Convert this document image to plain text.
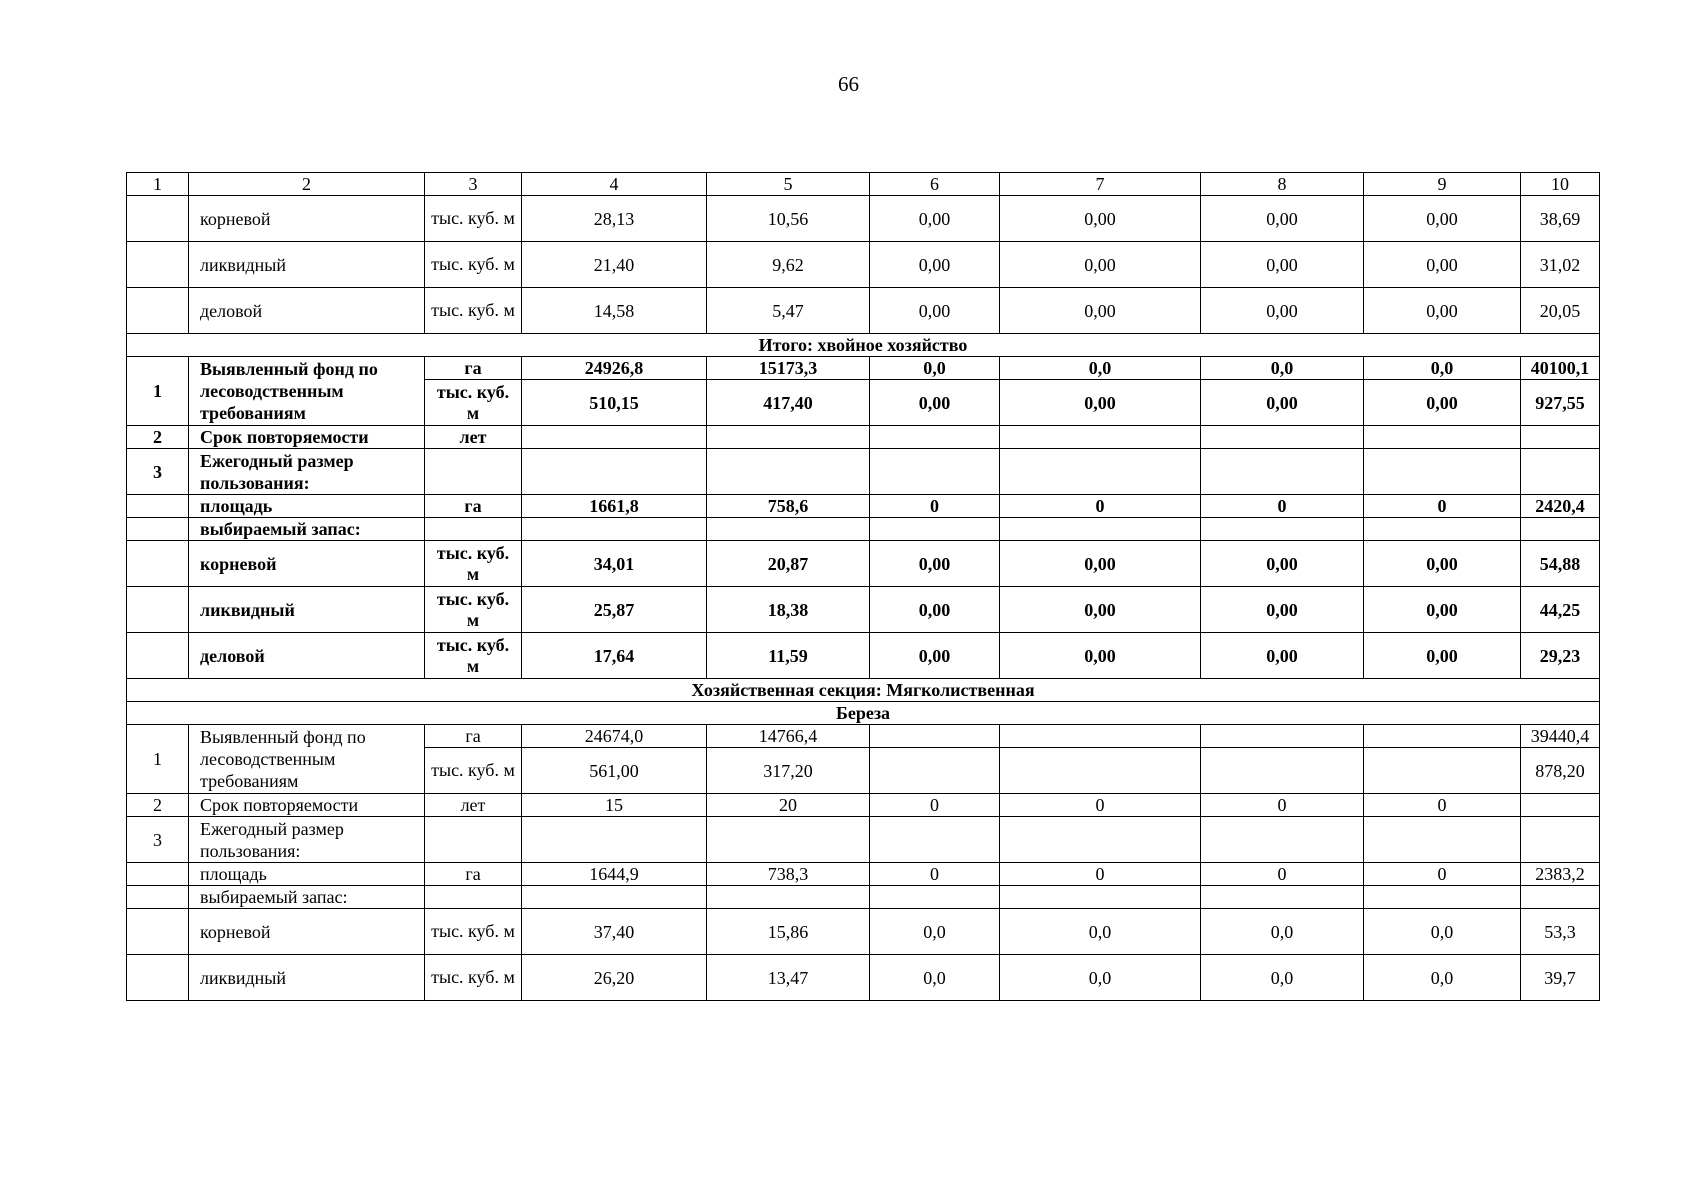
66
1	2	3	4	5	6	7	8	9	10
	корневой	тыс. куб. м	28,13	10,56	0,00	0,00	0,00	0,00	38,69
	ликвидный	тыс. куб. м	21,40	9,62	0,00	0,00	0,00	0,00	31,02
	деловой	тыс. куб. м	14,58	5,47	0,00	0,00	0,00	0,00	20,05
Итого: хвойное хозяйство									
1	Выявленный фонд по лесоводственным требованиям	га	24926,8	15173,3	0,0	0,0	0,0	0,0	40100,1
		тыс. куб. м	510,15	417,40	0,00	0,00	0,00	0,00	927,55
2	Срок повторяемости	лет							
3	Ежегодный размер пользования:								
	площадь	га	1661,8	758,6	0	0	0	0	2420,4
	выбираемый запас:								
	корневой	тыс. куб. м	34,01	20,87	0,00	0,00	0,00	0,00	54,88
	ликвидный	тыс. куб. м	25,87	18,38	0,00	0,00	0,00	0,00	44,25
	деловой	тыс. куб. м	17,64	11,59	0,00	0,00	0,00	0,00	29,23
Хозяйственная секция: Мягколиственная									
Береза									
1	Выявленный фонд по лесоводственным требованиям	га	24674,0	14766,4					39440,4
		тыс. куб. м	561,00	317,20					878,20
2	Срок повторяемости	лет	15	20	0	0	0	0	
3	Ежегодный размер пользования:								
	площадь	га	1644,9	738,3	0	0	0	0	2383,2
	выбираемый запас:								
	корневой	тыс. куб. м	37,40	15,86	0,0	0,0	0,0	0,0	53,3
	ликвидный	тыс. куб. м	26,20	13,47	0,0	0,0	0,0	0,0	39,7
